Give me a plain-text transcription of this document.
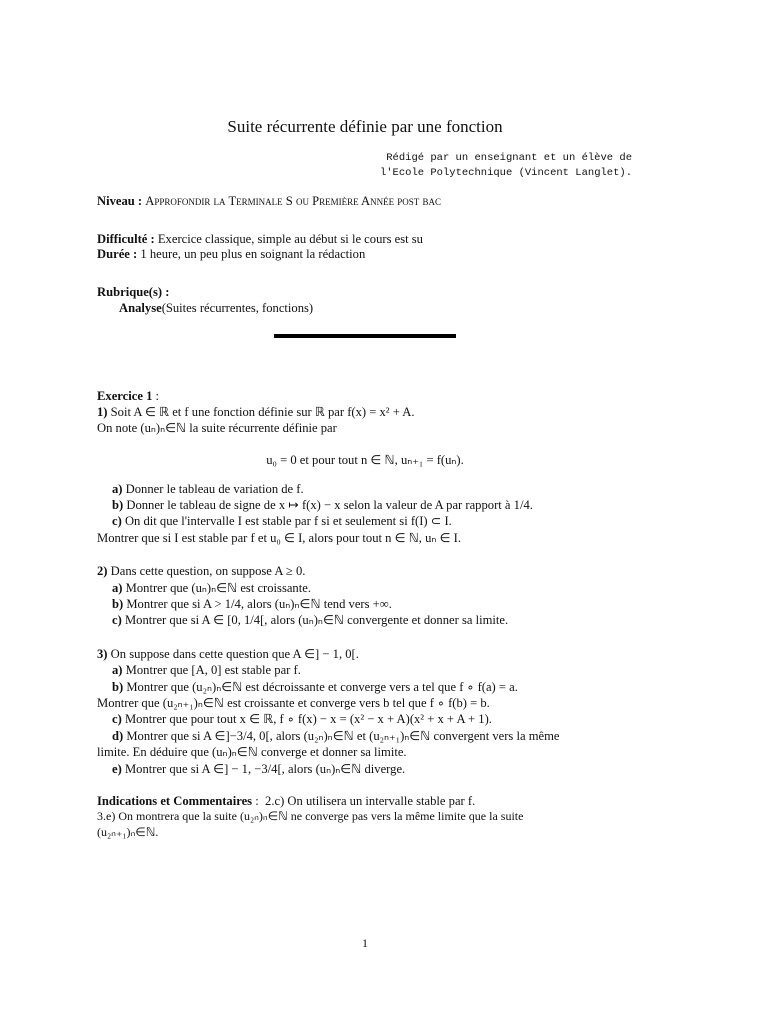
Suite récurrente définie par une fonction
Rédigé par un enseignant et un élève de
l'Ecole Polytechnique (Vincent Langlet).
Niveau : Approfondir la Terminale S ou Première Année post bac
Difficulté : Exercice classique, simple au début si le cours est su
Durée : 1 heure, un peu plus en soignant la rédaction
Rubrique(s) :
Analyse(Suites récurrentes, fonctions)
Exercice 1 :
1) Soit A ∈ ℝ et f une fonction définie sur ℝ par f(x) = x² + A.
On note (uₙ)ₙ∈ℕ la suite récurrente définie par
u₀ = 0 et pour tout n ∈ ℕ, uₙ₊₁ = f(uₙ).
a) Donner le tableau de variation de f.
b) Donner le tableau de signe de x ↦ f(x) − x selon la valeur de A par rapport à 1/4.
c) On dit que l'intervalle I est stable par f si et seulement si f(I) ⊂ I.
Montrer que si I est stable par f et u₀ ∈ I, alors pour tout n ∈ ℕ, uₙ ∈ I.
2) Dans cette question, on suppose A ≥ 0.
a) Montrer que (uₙ)ₙ∈ℕ est croissante.
b) Montrer que si A > 1/4, alors (uₙ)ₙ∈ℕ tend vers +∞.
c) Montrer que si A ∈ [0, 1/4[, alors (uₙ)ₙ∈ℕ convergente et donner sa limite.
3) On suppose dans cette question que A ∈] − 1, 0[.
a) Montrer que [A, 0] est stable par f.
b) Montrer que (u₂ₙ)ₙ∈ℕ est décroissante et converge vers a tel que f ∘ f(a) = a.
Montrer que (u₂ₙ₊₁)ₙ∈ℕ est croissante et converge vers b tel que f ∘ f(b) = b.
c) Montrer que pour tout x ∈ ℝ, f ∘ f(x) − x = (x² − x + A)(x² + x + A + 1).
d) Montrer que si A ∈]−3/4, 0[, alors (u₂ₙ)ₙ∈ℕ et (u₂ₙ₊₁)ₙ∈ℕ convergent vers la même
limite. En déduire que (uₙ)ₙ∈ℕ converge et donner sa limite.
e) Montrer que si A ∈] − 1, −3/4[, alors (uₙ)ₙ∈ℕ diverge.
Indications et Commentaires : 2.c) On utilisera un intervalle stable par f.
3.e) On montrera que la suite (u₂ₙ)ₙ∈ℕ ne converge pas vers la même limite que la suite
(u₂ₙ₊₁)ₙ∈ℕ.
1
